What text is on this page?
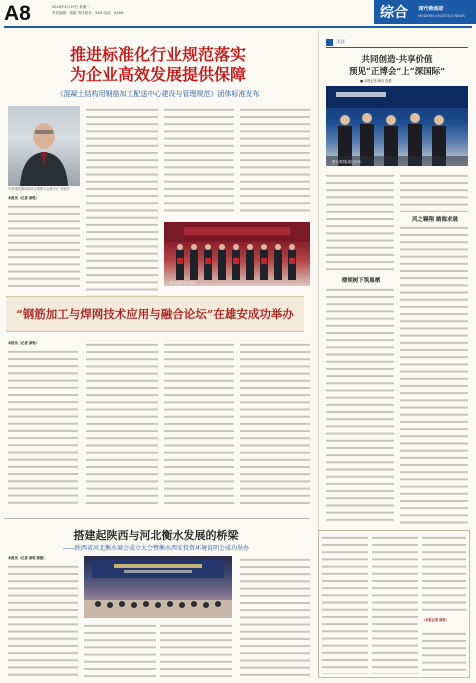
A8	2016年4月19日 星期一
责任编辑：郭振 责任校对：XXX 电话：XXXX	综合 现代物流报
MODERN LOGISTICS NEWS
推进标准化行业规范落实
为企业高效发展提供保障
《混凝土结构用钢筋加工配送中心建设与管理规范》团体标准发布
中国建筑钢结构协会钢筋分会秘书长 吴敬亮
本报讯（记者 邵悦）
图为标准发布现场
“钢筋加工与焊网技术应用与融合论坛”在雄安成功举办
本报讯（记者 邵悦）
搭建起陕西与河北衡水发展的桥梁
——陕西省河北衡水商会成立大会暨衡水西安投资环境说明会成功举办
本报讯（记者 邵悦 郭振）
关注
共同创造·共享价值
预见“正博会”上“深国际”
■ 本报记者 梅京 邵悦
图为深国际展位现场
风之翱翔 踏海求晟
楼领树下筑巢栖
（本报记者 邵悦）
